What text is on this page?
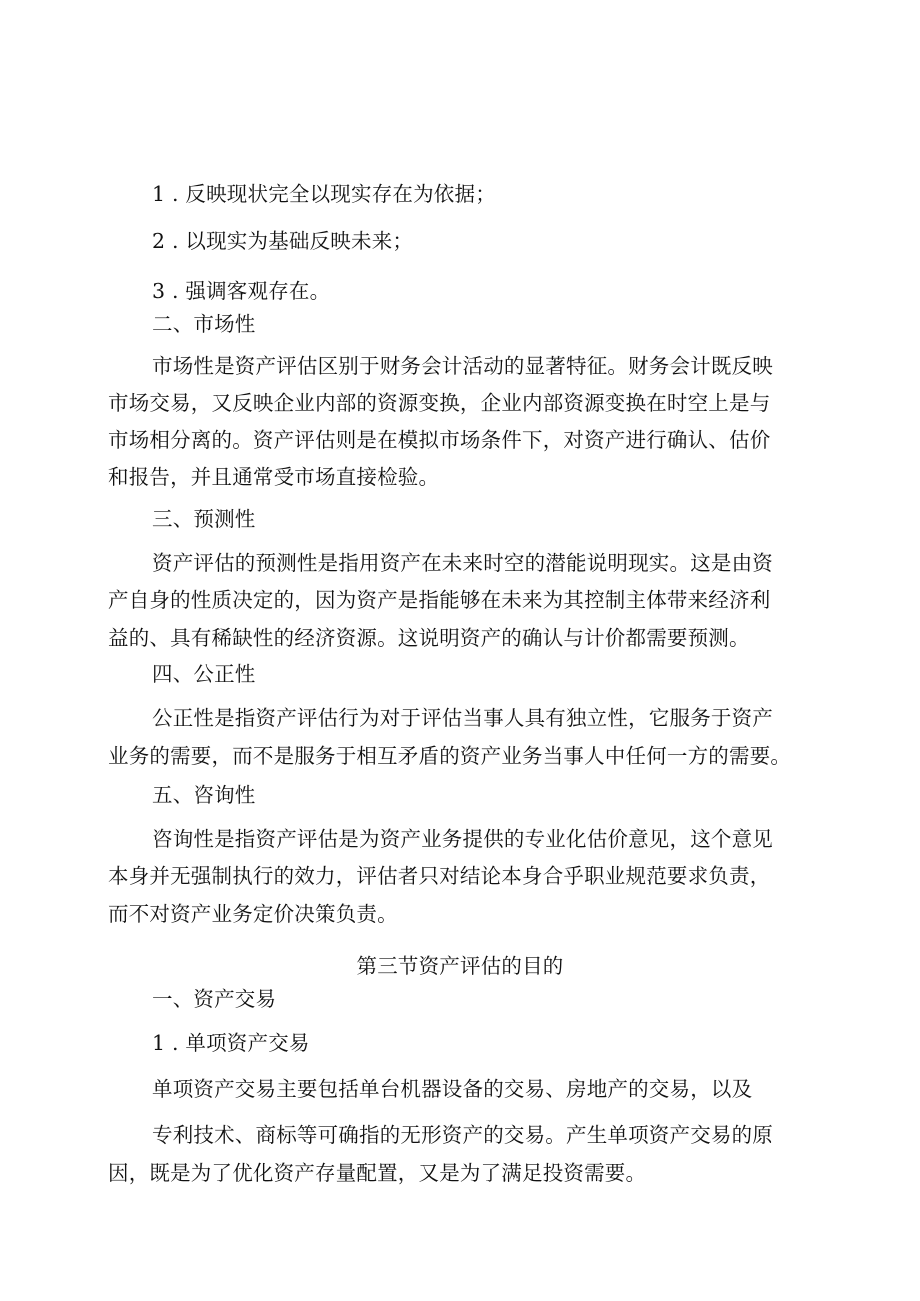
1 . 反映现状完全以现实存在为依据；
2 . 以现实为基础反映未来；
3 . 强调客观存在。
二、市场性
市场性是资产评估区别于财务会计活动的显著特征。财务会计既反映
市场交易，又反映企业内部的资源变换，企业内部资源变换在时空上是与
市场相分离的。资产评估则是在模拟市场条件下，对资产进行确认、估价
和报告，并且通常受市场直接检验。
三、预测性
资产评估的预测性是指用资产在未来时空的潜能说明现实。这是由资
产自身的性质决定的，因为资产是指能够在未来为其控制主体带来经济利
益的、具有稀缺性的经济资源。这说明资产的确认与计价都需要预测。
四、公正性
公正性是指资产评估行为对于评估当事人具有独立性，它服务于资产
业务的需要，而不是服务于相互矛盾的资产业务当事人中任何一方的需要。
五、咨询性
咨询性是指资产评估是为资产业务提供的专业化估价意见，这个意见
本身并无强制执行的效力，评估者只对结论本身合乎职业规范要求负责，
而不对资产业务定价决策负责。
第三节资产评估的目的
一、资产交易
1 . 单项资产交易
单项资产交易主要包括单台机器设备的交易、房地产的交易，以及
专利技术、商标等可确指的无形资产的交易。产生单项资产交易的原
因，既是为了优化资产存量配置，又是为了满足投资需要。
